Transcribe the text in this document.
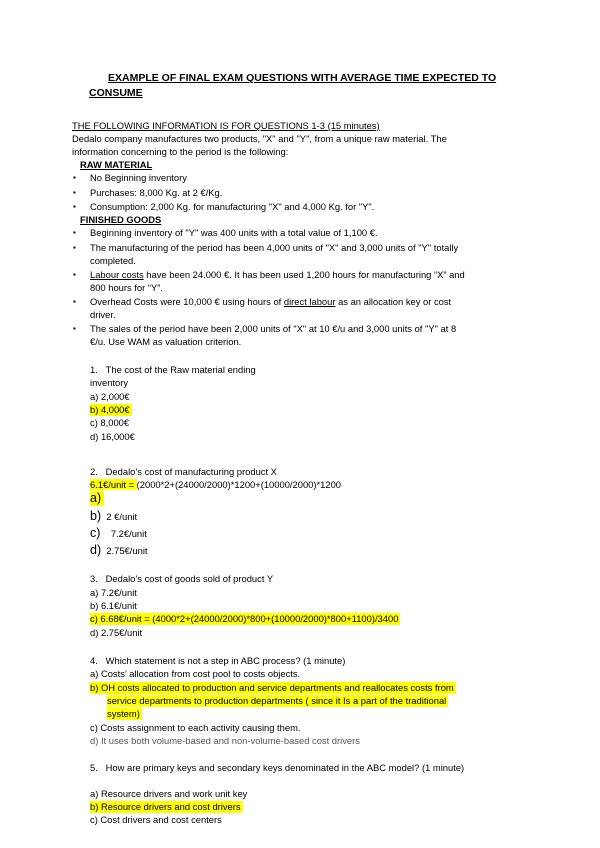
EXAMPLE OF FINAL EXAM QUESTIONS WITH AVERAGE TIME EXPECTED TO
CONSUME
THE FOLLOWING INFORMATION IS FOR QUESTIONS 1-3 (15 minutes)
Dedalo company manufactures two products, "X" and "Y", from a unique raw material. The
information concerning to the period is the following:
RAW MATERIAL
▪ No Beginning inventory
▪ Purchases: 8,000 Kg. at 2 €/Kg.
▪ Consumption: 2,000 Kg. for manufacturing "X" and 4,000 Kg. for "Y".
FINISHED GOODS
▪ Beginning inventory of "Y" was 400 units with a total value of 1,100 €.
▪ The manufacturing of the period has been 4,000 units of "X" and 3,000 units of "Y" totally
completed.
▪ Labour costs have been 24.000 €. It has been used 1,200 hours for manufacturing “X” and
800 hours for “Y”.
▪ Overhead Costs were 10,000 € using hours of direct labour as an allocation key or cost
driver.
▪ The sales of the period have been 2,000 units of "X" at 10 €/u and 3,000 units of "Y" at 8
€/u. Use WAM as valuation criterion.
1. The cost of the Raw material ending
inventory
a) 2,000€
b) 4,000€
c) 8,000€
d) 16,000€
2. Dedalo’s cost of manufacturing product X
6.1€/unit = (2000*2+(24000/2000)*1200+(10000/2000)*1200
a)
b) 2 €/unit
c) 7.2€/unit
d) 2.75€/unit
3. Dedalo’s cost of goods sold of product Y
a) 7.2€/unit
b) 6.1€/unit
c) 6.68€/unit = (4000*2+(24000/2000)*800+(10000/2000)*800+1100)/3400
d) 2.75€/unit
4. Which statement is not a step in ABC process? (1 minute)
a) Costs’ allocation from cost pool to costs objects.
b) OH costs allocated to production and service departments and reallocates costs from
service departments to production departments ( since it Is a part of the traditional
system)
c) Costs assignment to each activity causing them.
d) It uses both volume-based and non-volume-based cost drivers
5. How are primary keys and secondary keys denominated in the ABC model? (1 minute)
a) Resource drivers and work unit key
b) Resource drivers and cost drivers
c) Cost drivers and cost centers
